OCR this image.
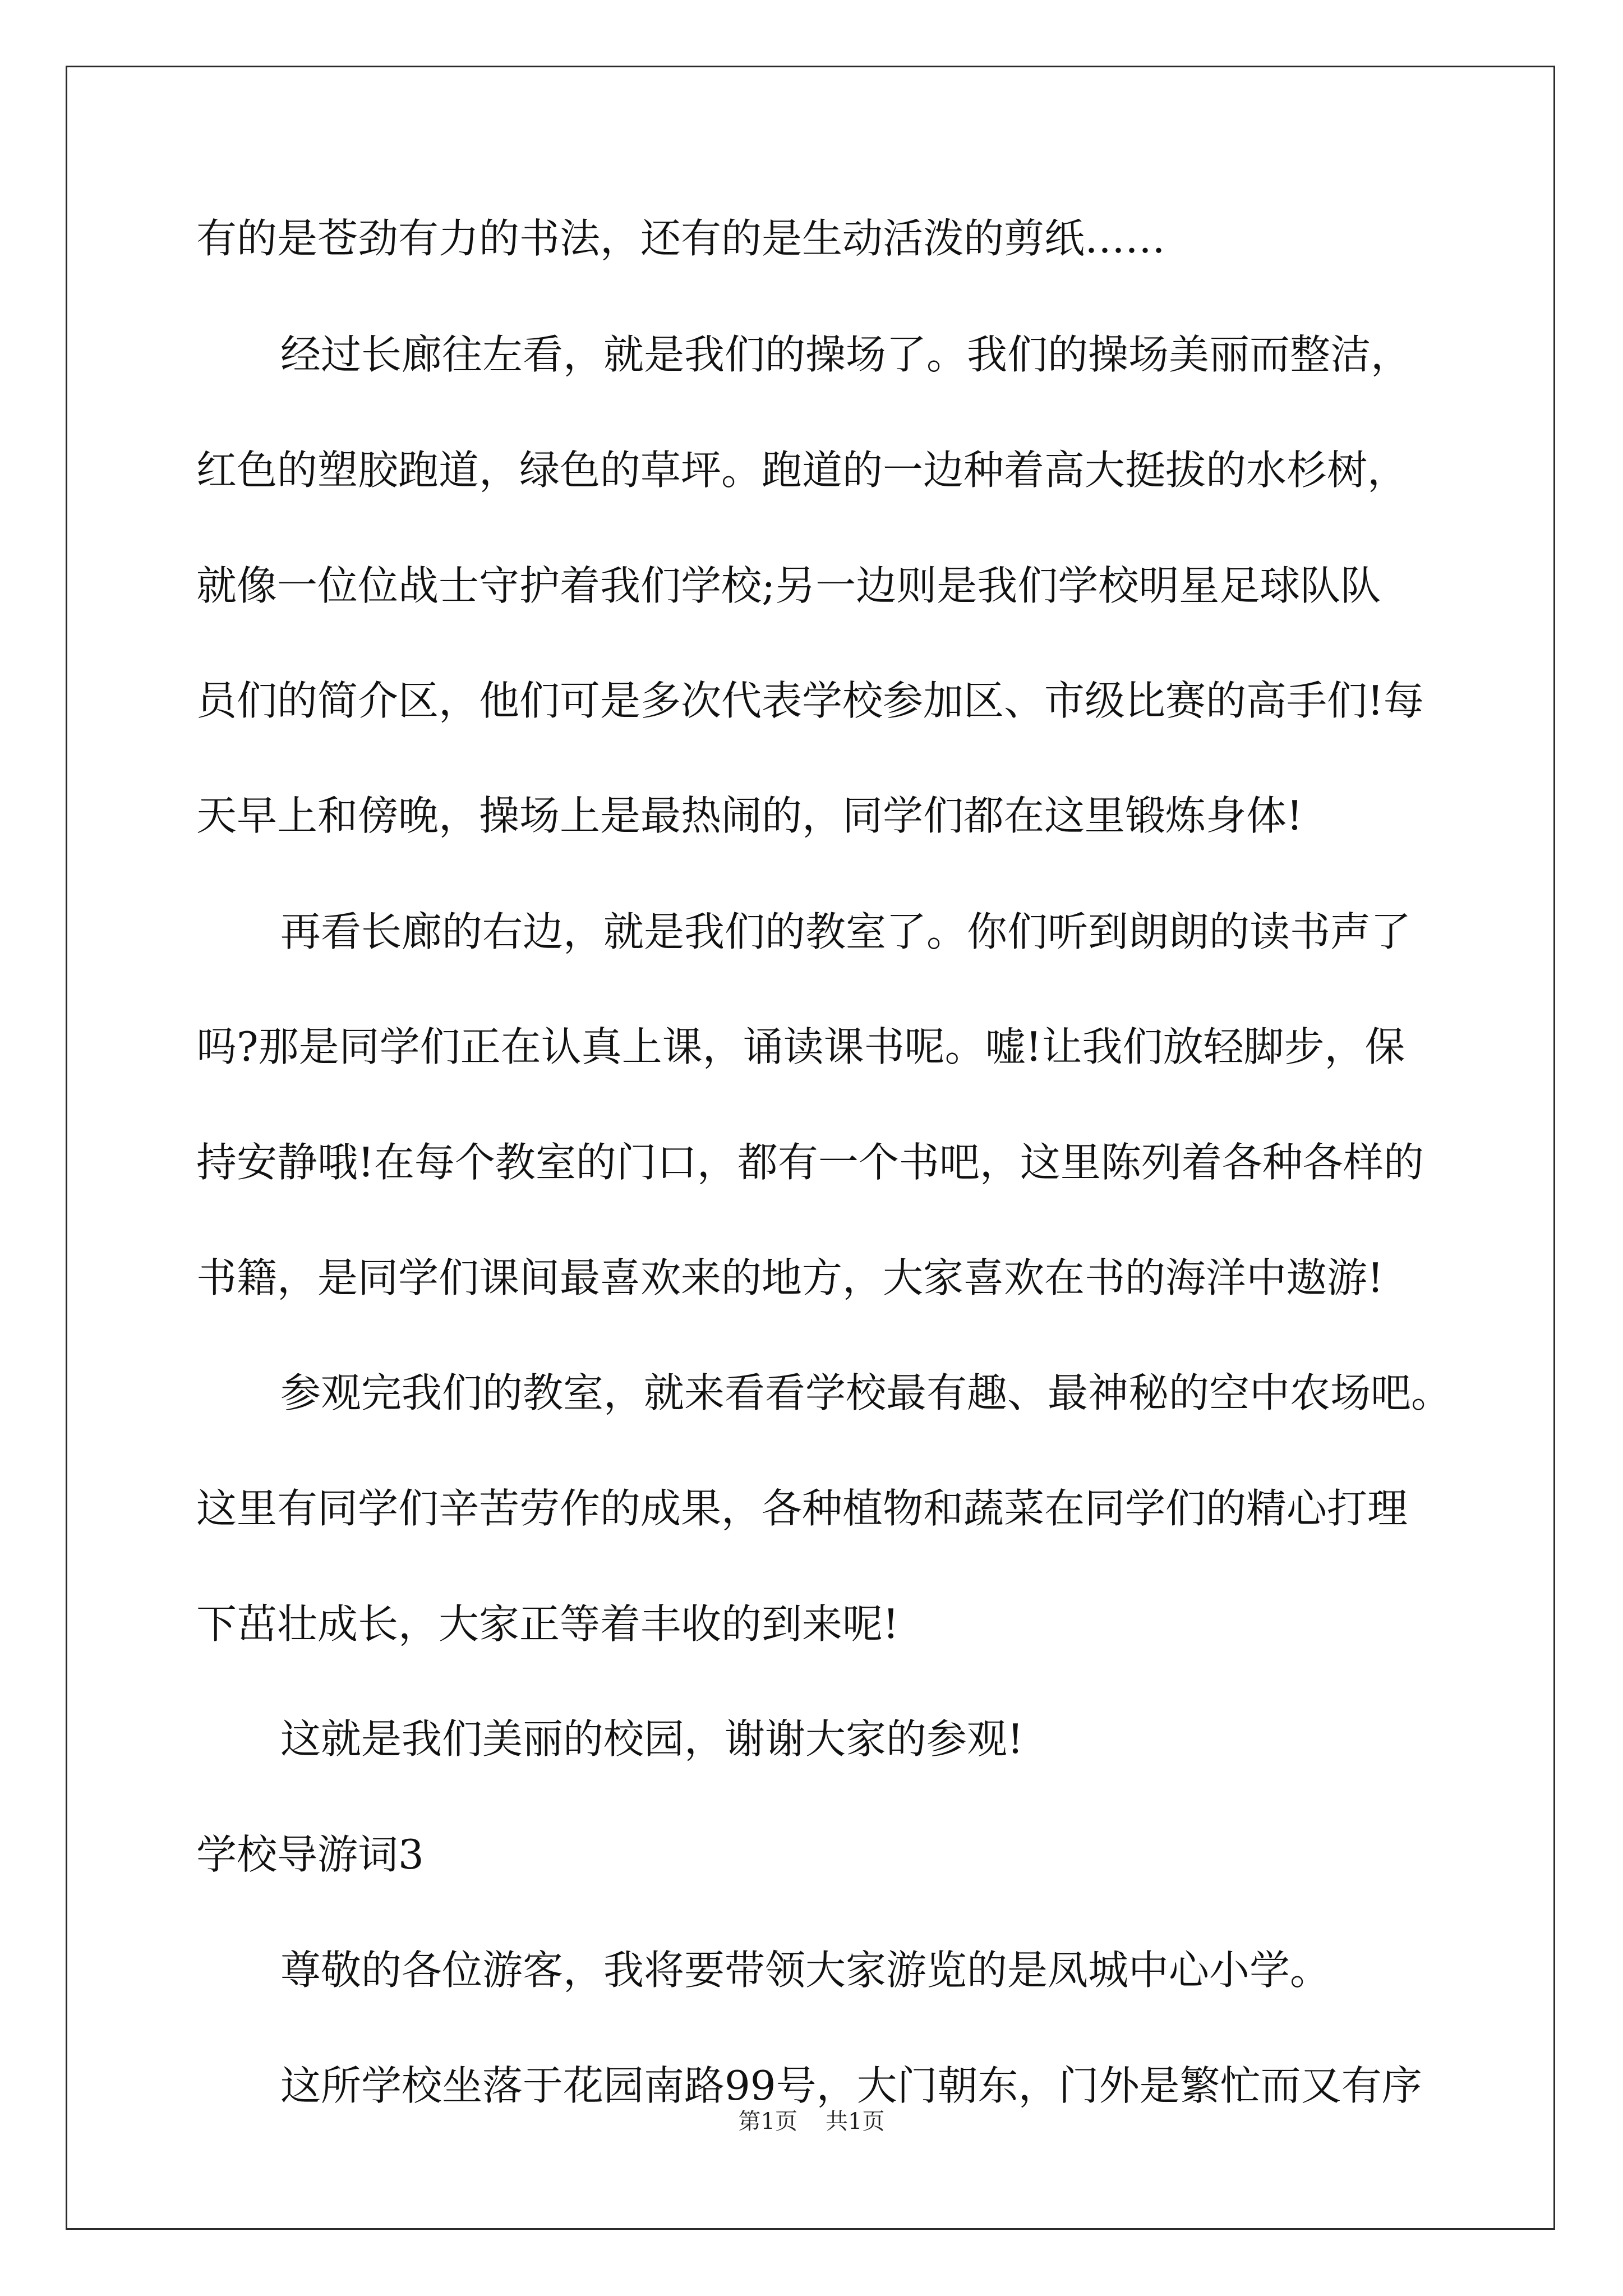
有的是苍劲有力的书法，还有的是生动活泼的剪纸……
经过长廊往左看，就是我们的操场了。我们的操场美丽而整洁，
红色的塑胶跑道，绿色的草坪。跑道的一边种着高大挺拔的水杉树，
就像一位位战士守护着我们学校;另一边则是我们学校明星足球队队
员们的简介区，他们可是多次代表学校参加区、市级比赛的高手们!每
天早上和傍晚，操场上是最热闹的，同学们都在这里锻炼身体!
再看长廊的右边，就是我们的教室了。你们听到朗朗的读书声了
吗?那是同学们正在认真上课，诵读课书呢。嘘!让我们放轻脚步，保
持安静哦!在每个教室的门口，都有一个书吧，这里陈列着各种各样的
书籍，是同学们课间最喜欢来的地方，大家喜欢在书的海洋中遨游!
参观完我们的教室，就来看看学校最有趣、最神秘的空中农场吧。
这里有同学们辛苦劳作的成果，各种植物和蔬菜在同学们的精心打理
下茁壮成长，大家正等着丰收的到来呢!
这就是我们美丽的校园，谢谢大家的参观!
学校导游词3
尊敬的各位游客，我将要带领大家游览的是凤城中心小学。
这所学校坐落于花园南路99号，大门朝东，门外是繁忙而又有序
第1页 共1页
